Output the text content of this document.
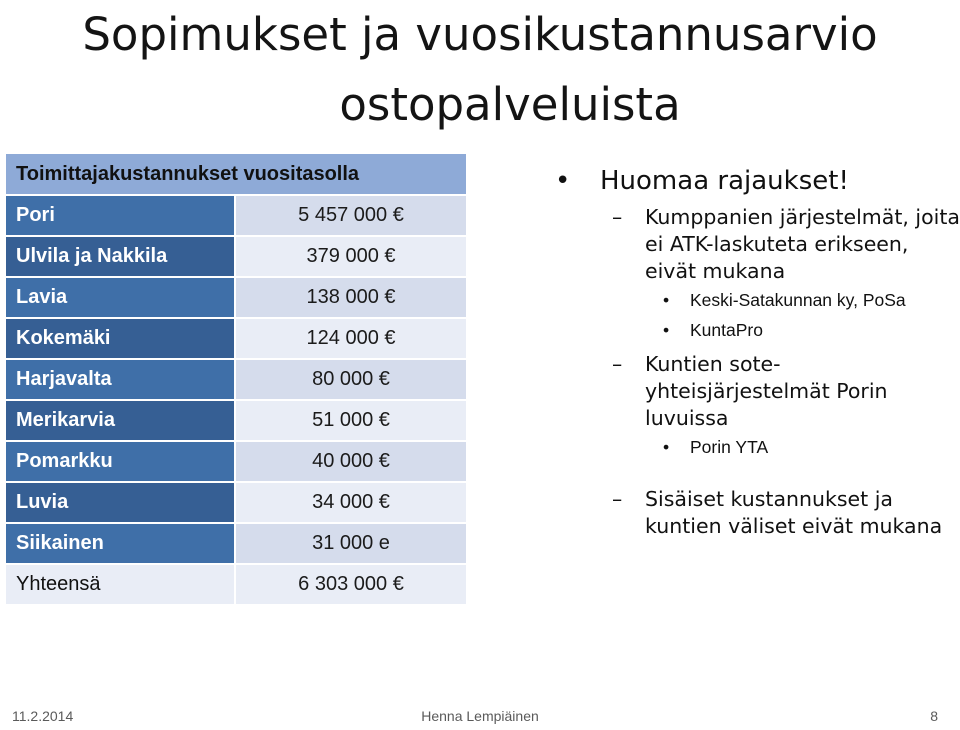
Sopimukset ja vuosikustannusarvio
ostopalveluista
Toimittajakustannukset vuositasolla	
Pori	5 457 000 €
Ulvila ja Nakkila	379 000 €
Lavia	138 000 €
Kokemäki	124 000 €
Harjavalta	80 000 €
Merikarvia	51 000 €
Pomarkku	40 000 €
Luvia	34 000 €
Siikainen	31 000 e
Yhteensä	6 303 000 €
• Huomaa rajaukset!
– Kumppanien järjestelmät, joita ei ATK-laskuteta erikseen, eivät mukana
• Keski-Satakunnan ky, PoSa
• KuntaPro
– Kuntien sote-yhteisjärjestelmät Porin luvuissa
• Porin YTA
– Sisäiset kustannukset ja kuntien väliset eivät mukana
11.2.2014	Henna Lempiäinen	8
